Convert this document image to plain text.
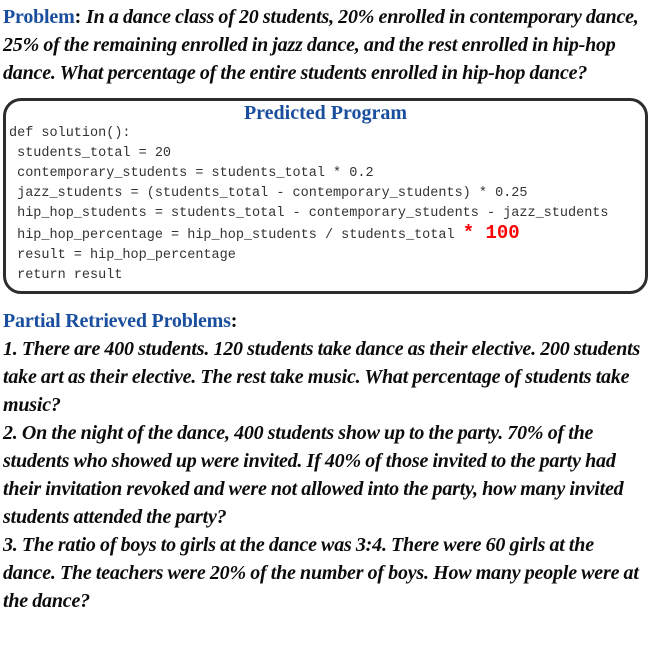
Problem: In a dance class of 20 students, 20% enrolled in contemporary dance, 25% of the remaining enrolled in jazz dance, and the rest enrolled in hip-hop dance. What percentage of the entire students enrolled in hip-hop dance?

Predicted Program
def solution():
students_total = 20
contemporary_students = students_total * 0.2
jazz_students = (students_total - contemporary_students) * 0.25
hip_hop_students = students_total - contemporary_students - jazz_students
hip_hop_percentage = hip_hop_students / students_total * 100
result = hip_hop_percentage
return result

Partial Retrieved Problems:

1. There are 400 students. 120 students take dance as their elective. 200 students take art as their elective. The rest take music. What percentage of students take music?

2. On the night of the dance, 400 students show up to the party. 70% of the students who showed up were invited. If 40% of those invited to the party had their invitation revoked and were not allowed into the party, how many invited students attended the party?

3. The ratio of boys to girls at the dance was 3:4. There were 60 girls at the dance. The teachers were 20% of the number of boys. How many people were at the dance?
